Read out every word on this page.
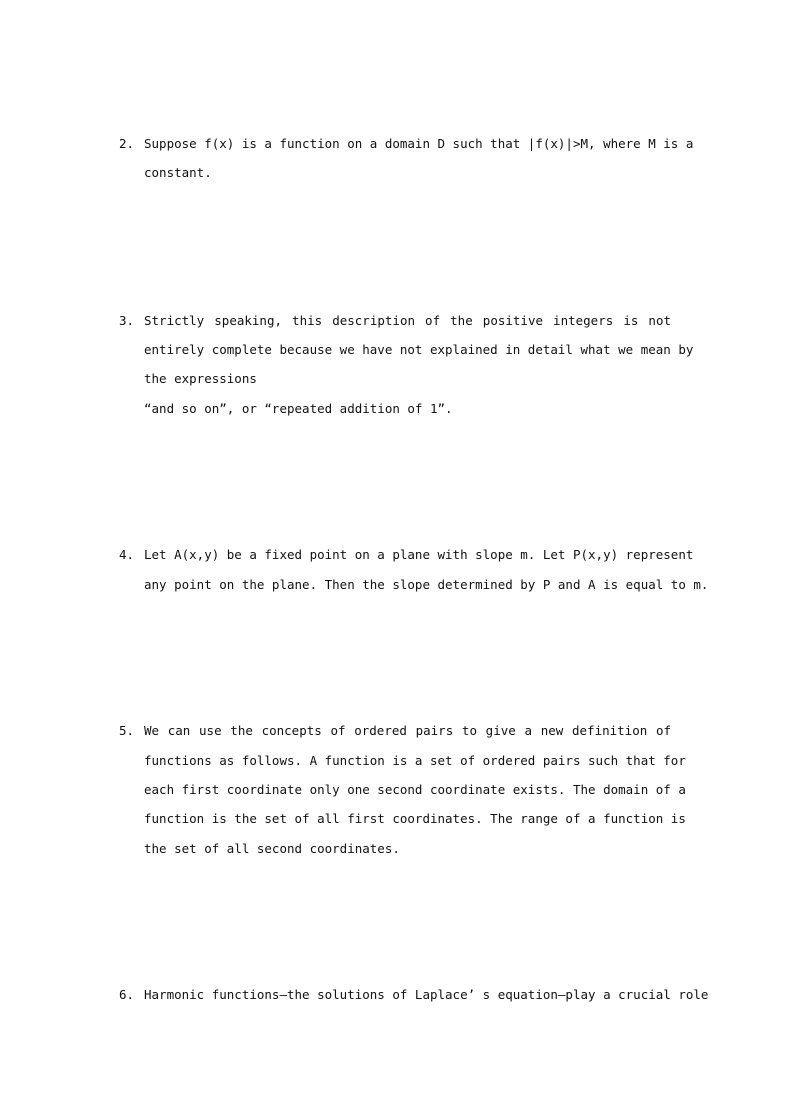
2. Suppose f(x) is a function on a domain D such that |f(x)|>M, where M is a
constant.
3. Strictly speaking, this description of the positive integers is not
entirely complete because we have not explained in detail what we mean by
the expressions
“and so on”, or “repeated addition of 1”.
4. Let A(x,y) be a fixed point on a plane with slope m. Let P(x,y) represent
any point on the plane. Then the slope determined by P and A is equal to m.
5. We can use the concepts of ordered pairs to give a new definition of
functions as follows. A function is a set of ordered pairs such that for
each first coordinate only one second coordinate exists. The domain of a
function is the set of all first coordinates. The range of a function is
the set of all second coordinates.
6. Harmonic functions—the solutions of Laplace’ s equation—play a crucial role
